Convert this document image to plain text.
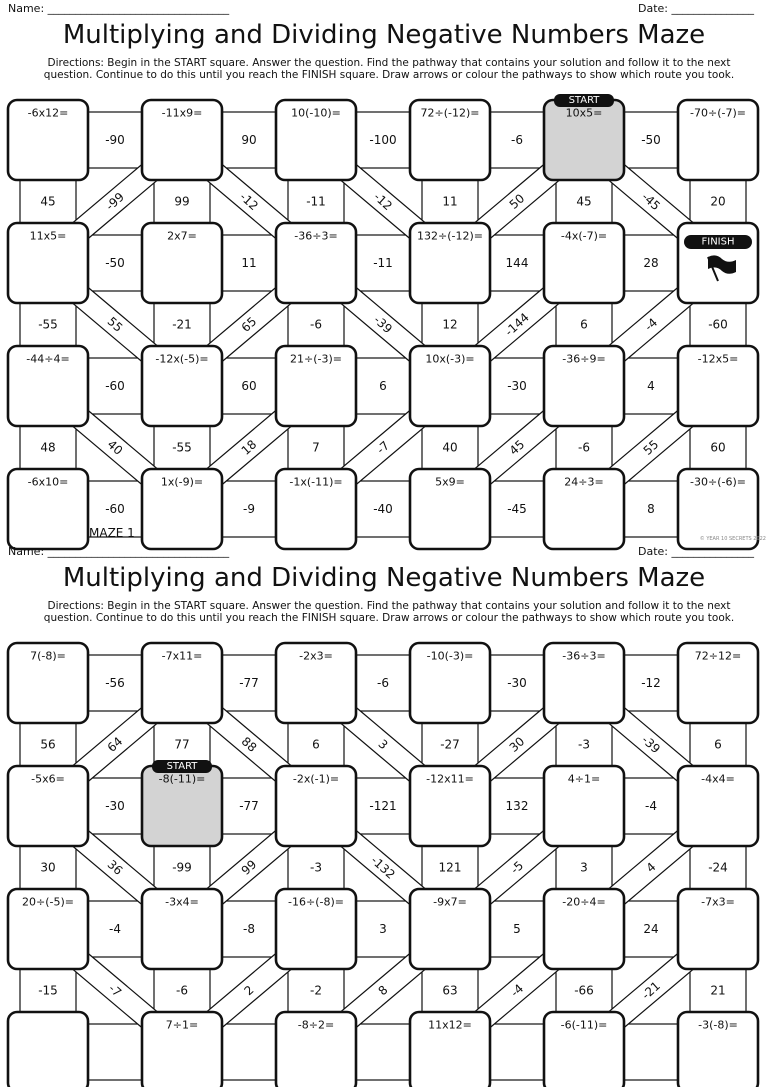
Name: _________________________________	Date: _______________
Multiplying and Dividing Negative Numbers Maze
Directions: Begin in the START square. Answer the question. Find the pathway that contains your solution and follow it to the next question. Continue to do this until you reach the FINISH square. Draw arrows or colour the pathways to show which route you took.
-90	90	-100	-6	-50
-50	11	-11	144	28
-60	60	6	-30	4
-60	-9	-40	-45	8
45	99	-11	11	45	20
-99	-12	-12	50	-45
-55	-21	-6	12	6	-60
55	65	-39	-144	-4
48	-55	7	40	-6	60
40	18	-7	45	55
-6x12=	-11x9=	10(-10)=	72÷(-12)=	10x5=
START
-70÷(-7)=
11x5=	2x7=	-36÷3=	132÷(-12)=	-4x(-7)=	FINISH
-44÷4=	-12x(-5)=	21÷(-3)=	10x(-3)=	-36÷9=	-12x5=
-6x10=	1x(-9)=	-1x(-11)=	5x9=	24÷3=	-30÷(-6)=
MAZE 1	© YEAR 10 SECRETS 2022
Name: _________________________________	Date: _______________
Multiplying and Dividing Negative Numbers Maze
Directions: Begin in the START square. Answer the question. Find the pathway that contains your solution and follow it to the next question. Continue to do this until you reach the FINISH square. Draw arrows or colour the pathways to show which route you took.
-56	-77	-6	-30	-12
-30	-77	-121	132	-4
-4	-8	3	5	24
56	77	6	-27	-3	6
64	88	3	30	-39
30	-99	-3	121	3	-24
36	99	-132	-5	4
-15	-6	-2	63	-66	21
-7	2	8	-4	-21
7(-8)=	-7x11=	-2x3=	-10(-3)=	-36÷3=	72÷12=
-5x6=	-8(-11)=
START
-2x(-1)=	-12x11=	4÷1=	-4x4=
20÷(-5)=	-3x4=	-16÷(-8)=	-9x7=	-20÷4=	-7x3=
7÷1=	-8÷2=	11x12=	-6(-11)=	-3(-8)=
